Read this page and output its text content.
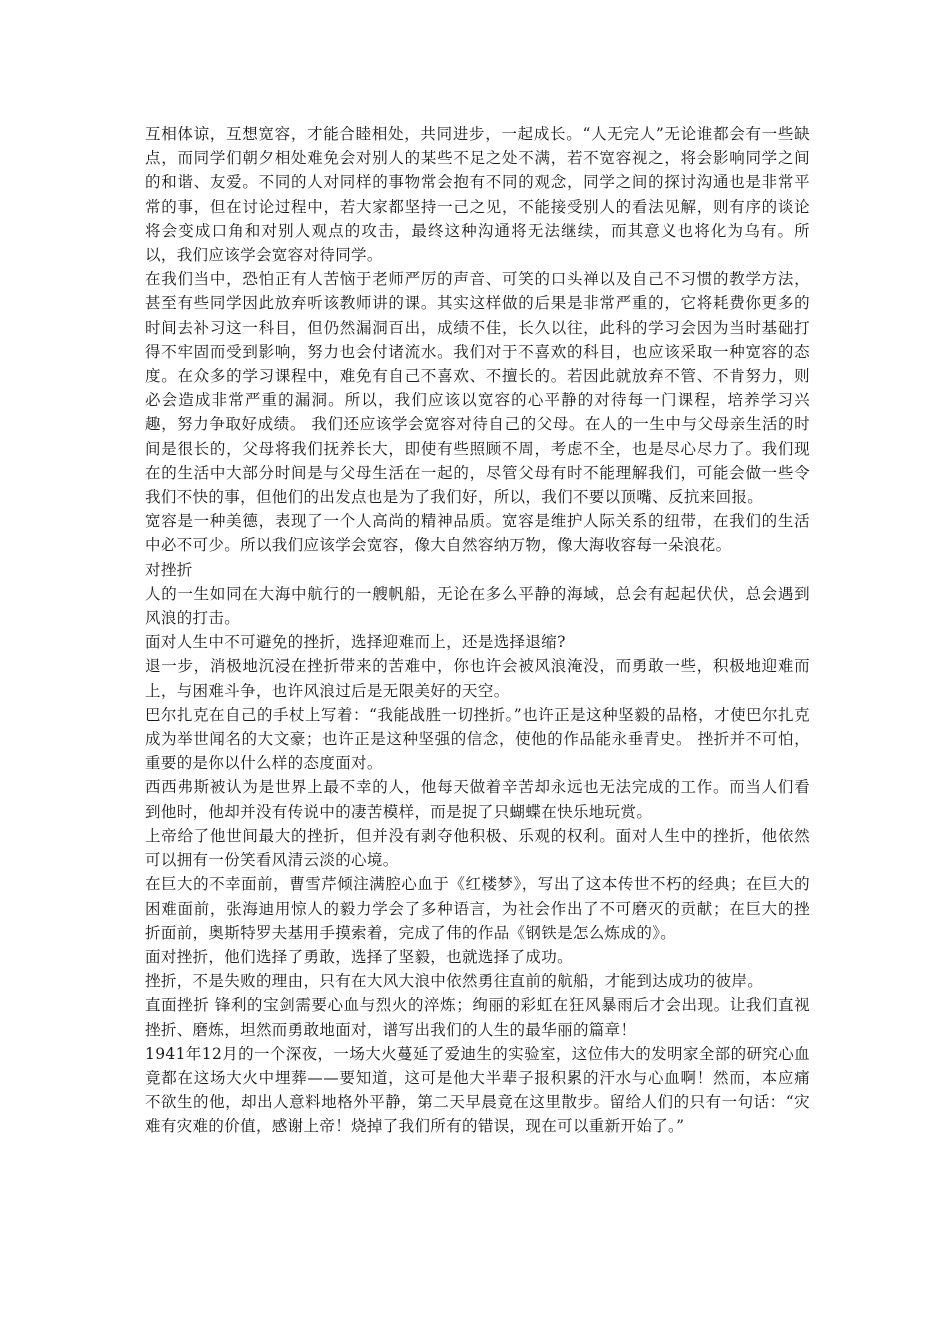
互相体谅，互想宽容，才能合睦相处，共同进步，一起成长。“人无完人”无论谁都会有一些缺点，而同学们朝夕相处难免会对别人的某些不足之处不满，若不宽容视之，将会影响同学之间的和谐、友爱。不同的人对同样的事物常会抱有不同的观念，同学之间的探讨沟通也是非常平常的事，但在讨论过程中，若大家都坚持一己之见，不能接受别人的看法见解，则有序的谈论将会变成口角和对别人观点的攻击，最终这种沟通将无法继续，而其意义也将化为乌有。所以，我们应该学会宽容对待同学。

在我们当中，恐怕正有人苦恼于老师严厉的声音、可笑的口头禅以及自己不习惯的教学方法，甚至有些同学因此放弃听该教师讲的课。其实这样做的后果是非常严重的，它将耗费你更多的时间去补习这一科目，但仍然漏洞百出，成绩不佳，长久以往，此科的学习会因为当时基础打得不牢固而受到影响，努力也会付诸流水。我们对于不喜欢的科目，也应该采取一种宽容的态度。在众多的学习课程中，难免有自己不喜欢、不擅长的。若因此就放弃不管、不肯努力，则必会造成非常严重的漏洞。所以，我们应该以宽容的心平静的对待每一门课程，培养学习兴趣，努力争取好成绩。 我们还应该学会宽容对待自己的父母。在人的一生中与父母亲生活的时间是很长的，父母将我们抚养长大，即使有些照顾不周，考虑不全，也是尽心尽力了。我们现在的生活中大部分时间是与父母生活在一起的，尽管父母有时不能理解我们，可能会做一些令我们不快的事，但他们的出发点也是为了我们好，所以，我们不要以顶嘴、反抗来回报。

宽容是一种美德，表现了一个人高尚的精神品质。宽容是维护人际关系的纽带，在我们的生活中必不可少。所以我们应该学会宽容，像大自然容纳万物，像大海收容每一朵浪花。

对挫折

人的一生如同在大海中航行的一艘帆船，无论在多么平静的海域，总会有起起伏伏，总会遇到风浪的打击。

面对人生中不可避免的挫折，选择迎难而上，还是选择退缩?

退一步，消极地沉浸在挫折带来的苦难中，你也许会被风浪淹没，而勇敢一些，积极地迎难而上，与困难斗争，也许风浪过后是无限美好的天空。

巴尔扎克在自己的手杖上写着：“我能战胜一切挫折。”也许正是这种坚毅的品格，才使巴尔扎克成为举世闻名的大文豪；也许正是这种坚强的信念，使他的作品能永垂青史。 挫折并不可怕，重要的是你以什么样的态度面对。

西西弗斯被认为是世界上最不幸的人，他每天做着辛苦却永远也无法完成的工作。而当人们看到他时，他却并没有传说中的凄苦模样，而是捉了只蝴蝶在快乐地玩赏。

上帝给了他世间最大的挫折，但并没有剥夺他积极、乐观的权利。面对人生中的挫折，他依然可以拥有一份笑看风清云淡的心境。

在巨大的不幸面前，曹雪芹倾注满腔心血于《红楼梦》，写出了这本传世不朽的经典；在巨大的困难面前，张海迪用惊人的毅力学会了多种语言，为社会作出了不可磨灭的贡献；在巨大的挫折面前，奥斯特罗夫基用手摸索着，完成了伟的作品《钢铁是怎么炼成的》。

面对挫折，他们选择了勇敢，选择了坚毅，也就选择了成功。

挫折，不是失败的理由，只有在大风大浪中依然勇往直前的航船，才能到达成功的彼岸。

直面挫折 锋利的宝剑需要心血与烈火的淬炼；绚丽的彩虹在狂风暴雨后才会出现。让我们直视挫折、磨炼，坦然而勇敢地面对，谱写出我们的人生的最华丽的篇章！

1941年12月的一个深夜，一场大火蔓延了爱迪生的实验室，这位伟大的发明家全部的研究心血竟都在这场大火中埋葬——要知道，这可是他大半辈子报积累的汗水与心血啊！然而，本应痛不欲生的他，却出人意料地格外平静，第二天早晨竟在这里散步。留给人们的只有一句话：“灾难有灾难的价值，感谢上帝！烧掉了我们所有的错误，现在可以重新开始了。”
